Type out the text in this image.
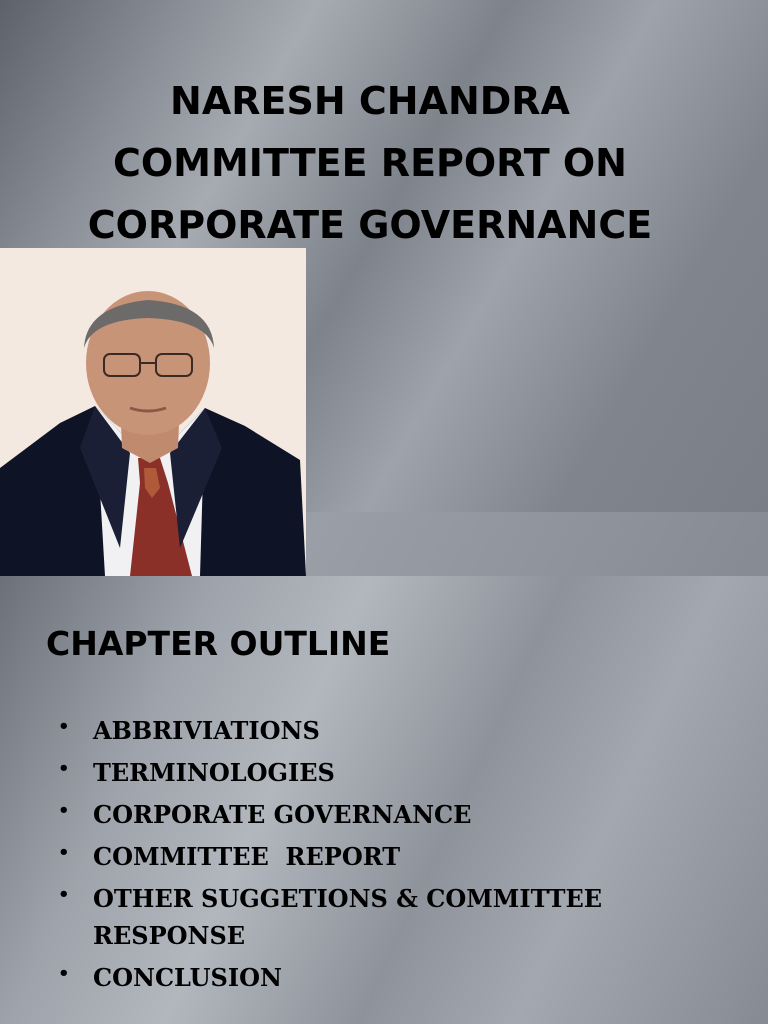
NARESH CHANDRA COMMITTEE REPORT ON CORPORATE GOVERNANCE
CHAPTER OUTLINE
• ABBRIVIATIONS
• TERMINOLOGIES
• CORPORATE GOVERNANCE
• COMMITTEE  REPORT
• OTHER SUGGETIONS & COMMITTEE RESPONSE
• CONCLUSION
